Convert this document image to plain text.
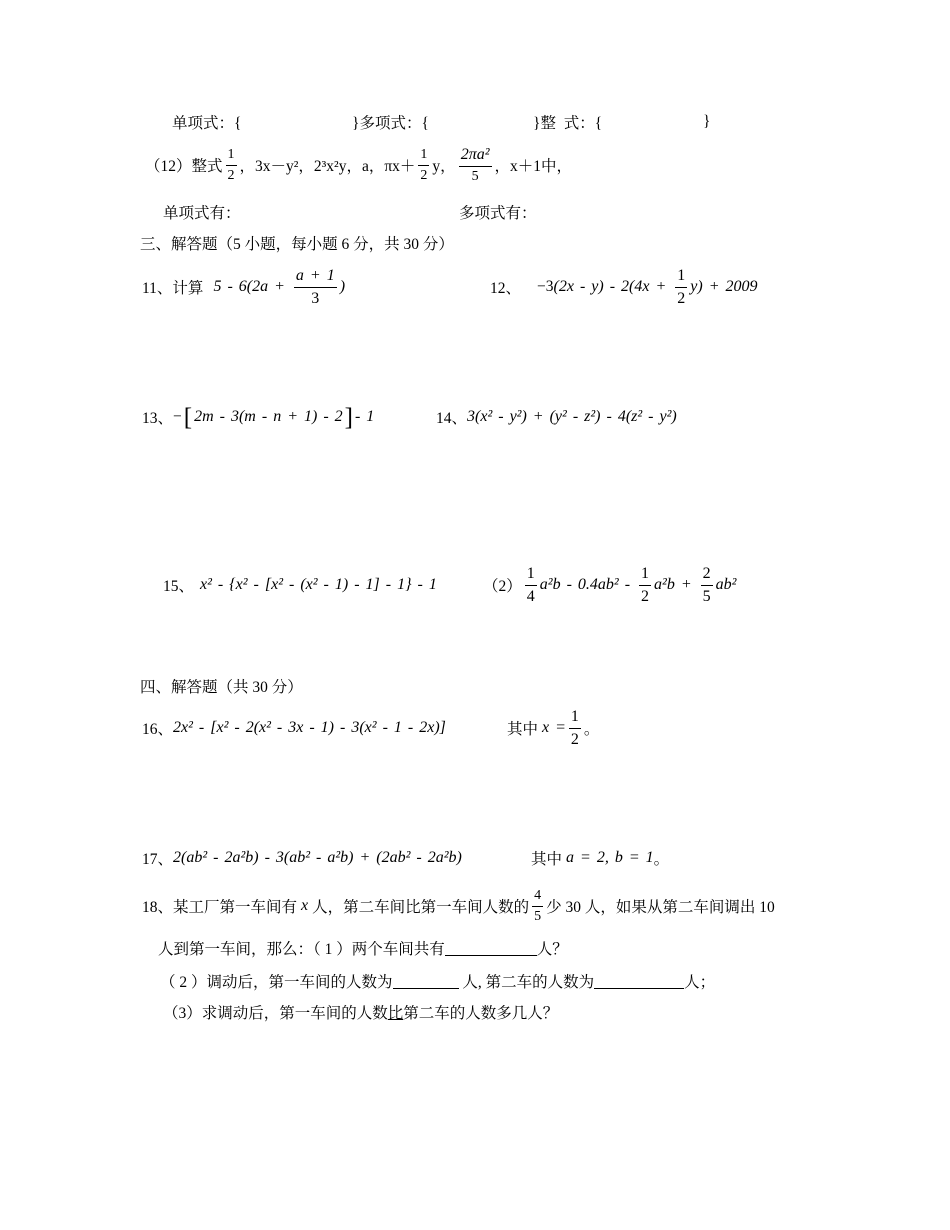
单项式：{	}多项式：{	}整  式：{	}
（12）整式 $\frac{1}{2}$ ，3x－y²，2³x²y，a，$\pi x+ \frac{1}{2}$ y， $\frac{\text{2πa²}}{5}$ ，x＋1中，
单项式有：	多项式有：
三、解答题（5 小题，每小题 6 分，共 30 分）
11、计算 $5 - 6(2a + \frac{a + 1}{3}$ )	12、 −3 $(2x - y) - 2(4x + \frac{1}{2} y) + 2009$
13、 − [ 2m - 3(m - n + 1) - 2 ] - 1	14、 3(x² - y²) + (y² - z²) - 4(z² - y²)
15、 x² - {x² - [x² - (x² - 1) - 1] - 1} - 1	$(2) \frac{1}{4} a^2b - 0.4ab^2 - \frac{1}{2} a^2b + \frac{2}{5} ab^2$
四、解答题（共 30 分）
16、 2x² - [x² - 2(x² - 3x - 1) - 3(x² - 1 - 2x)]	其中 $x = \frac{1}{2}$ 。
17、 2(ab² - 2a²b) - 3(ab² - a²b) + (2ab² - 2a²b)	其中 a = 2, b = 1 。
18、某工厂第一车间有 x 人，第二车间比第一车间人数的 $\frac{4}{5}$ 少 30 人，如果从第二车间调出 10
人到第一车间，那么：（ 1 ）两个车间共有	人？
（ 2 ）调动后，第一车间的人数为	人, 第二车的人数为	人；
（3）求调动后，第一车间的人数 比 第二车的人数多几人？
